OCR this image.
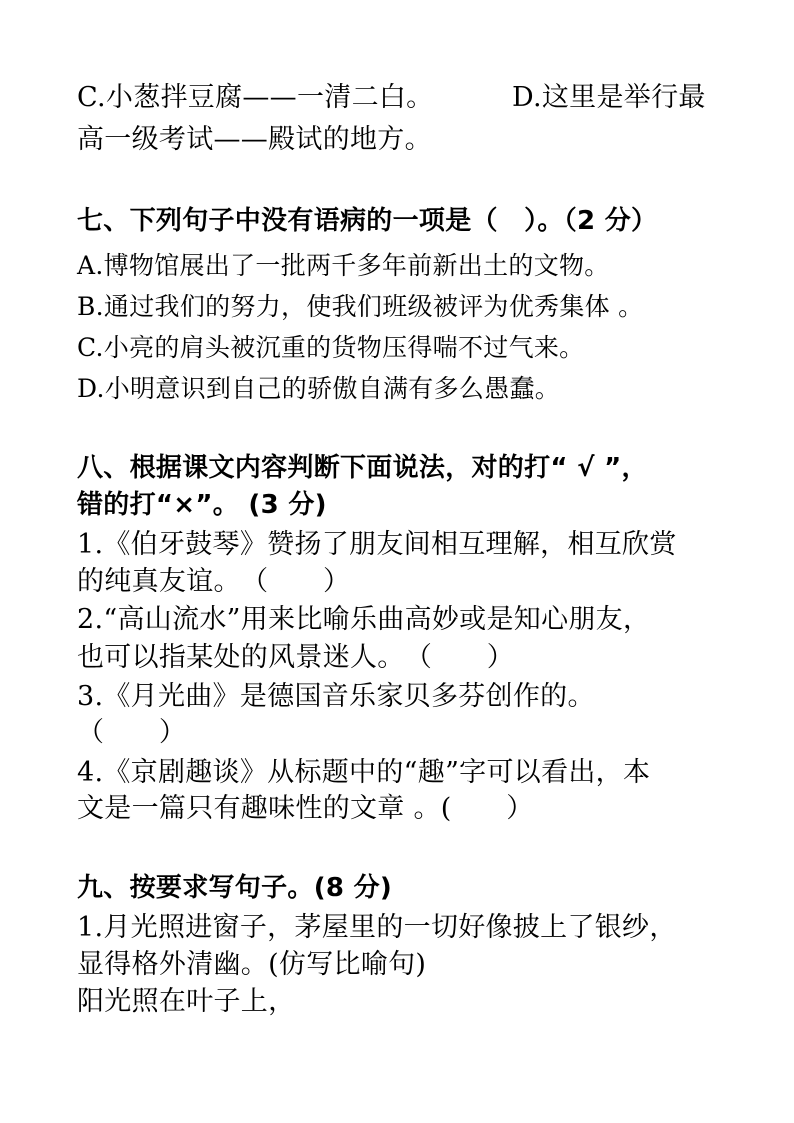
C.小葱拌豆腐——一清二白。	D.这里是举行最
高一级考试——殿试的地方。
七、下列句子中没有语病的一项是（　）。（2 分）
A.博物馆展出了一批两千多年前新出土的文物。
B.通过我们的努力，使我们班级被评为优秀集体 。
C.小亮的肩头被沉重的货物压得喘不过气来。
D.小明意识到自己的骄傲自满有多么愚蠢。
八、根据课文内容判断下面说法，对的打“ √ ”，
错的打“×”。 (3 分)
1.《伯牙鼓琴》赞扬了朋友间相互理解，相互欣赏
的纯真友谊。　（　　）
2.“高山流水”用来比喻乐曲高妙或是知心朋友，
也可以指某处的风景迷人。　（　　）
3.《月光曲》是德国音乐家贝多芬创作的。
（　　）
4.《京剧趣谈》从标题中的“趣”字可以看出，本
文是一篇只有趣味性的文章 。(　　）
九、按要求写句子。(8 分)
1.月光照进窗子，茅屋里的一切好像披上了银纱，
显得格外清幽。(仿写比喻句)
阳光照在叶子上，
